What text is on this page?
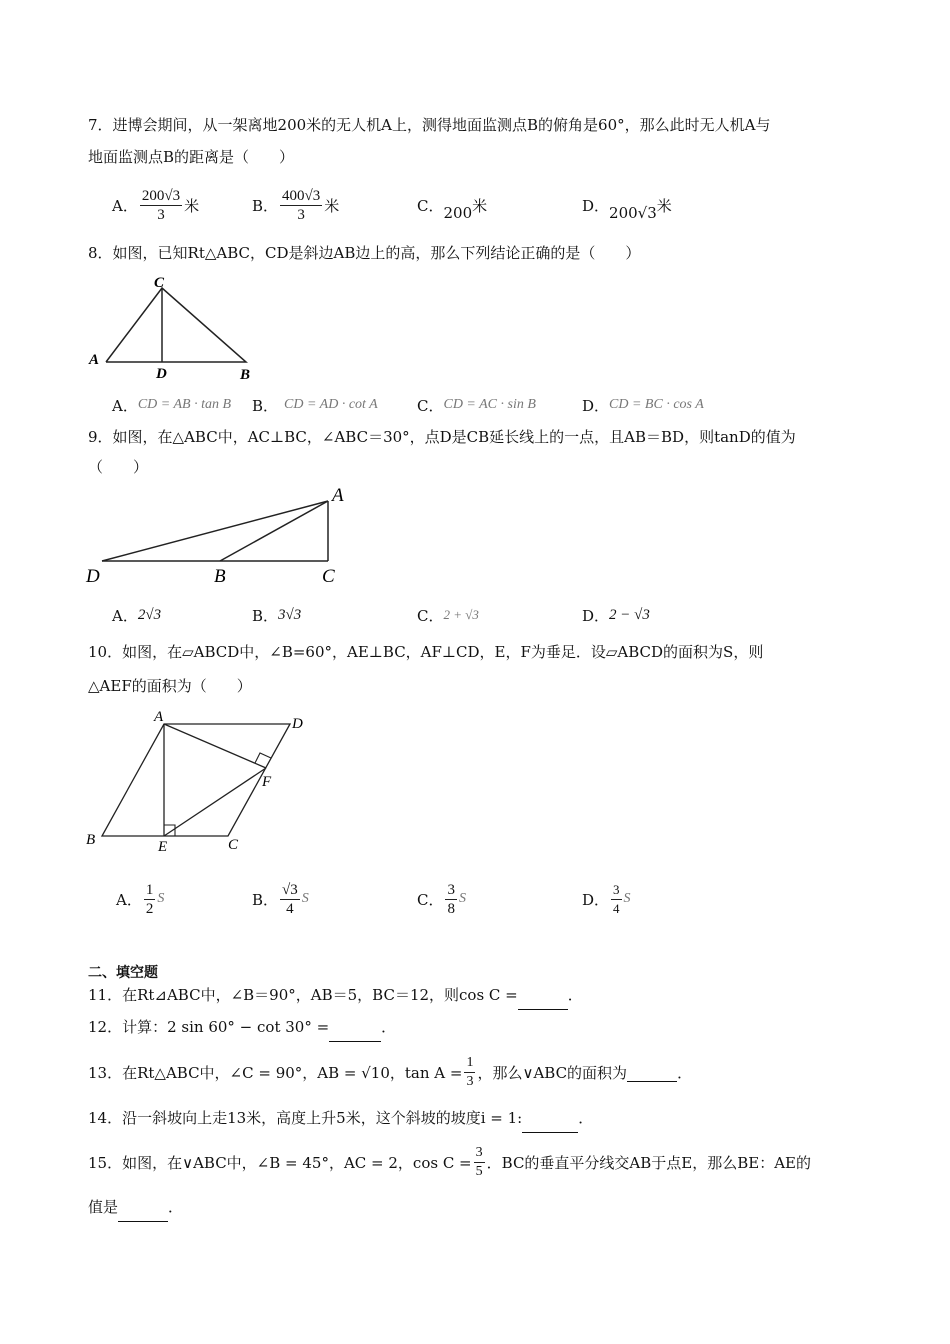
7．进博会期间，从一架离地200米的无人机A上，测得地面监测点B的俯角是60°，那么此时无人机A与
地面监测点B的距离是（　　）
A． $\frac{200√3}{3}$ 米	B． $\frac{400√3}{3}$ 米	C． 200 米	D． 200√3 米
8．如图，已知Rt△ABC，CD是斜边AB边上的高，那么下列结论正确的是（　　）
C
A
D	B
A． CD = AB · tan B B． CD = AD · cot A	C． CD = AC · sin B	D． CD = BC · cos A
9．如图，在△ABC中，AC⊥BC，∠ABC＝30°，点D是CB延长线上的一点，且AB＝BD，则tanD的值为
（　　）
A
D	B	C
A． 2√3	B． 3√3	C． 2 + √3	D． 2 − √3
10．如图，在▱ABCD中，∠B=60°，AE⊥BC，AF⊥CD，E，F为垂足．设▱ABCD的面积为S，则
△AEF的面积为（　　）
A	D
F
B	E	C
A． $\frac{1}{2}$ S	B． $\frac{√3}{4}$ S	C． $\frac{3}{8}$ S	D． $\frac{3}{4}$ S
二、填空题
11．在Rt⊿ABC中，∠B＝90°，AB＝5，BC＝12，则cos C =	．
12．计算：2 sin 60° − cot 30° =	．
13．在Rt△ABC中，∠C = 90°，AB = √10，$\tan A = \frac{1}{3}$ ，那么∨ABC的面积为	．
14．沿一斜坡向上走13米，高度上升5米，这个斜坡的坡度i = 1:	．
15．如图，在∨ABC中，∠B = 45°，AC = 2，$\cos C = \frac{3}{5}$ ．BC的垂直平分线交AB于点E，那么BE：AE的
值是	．
